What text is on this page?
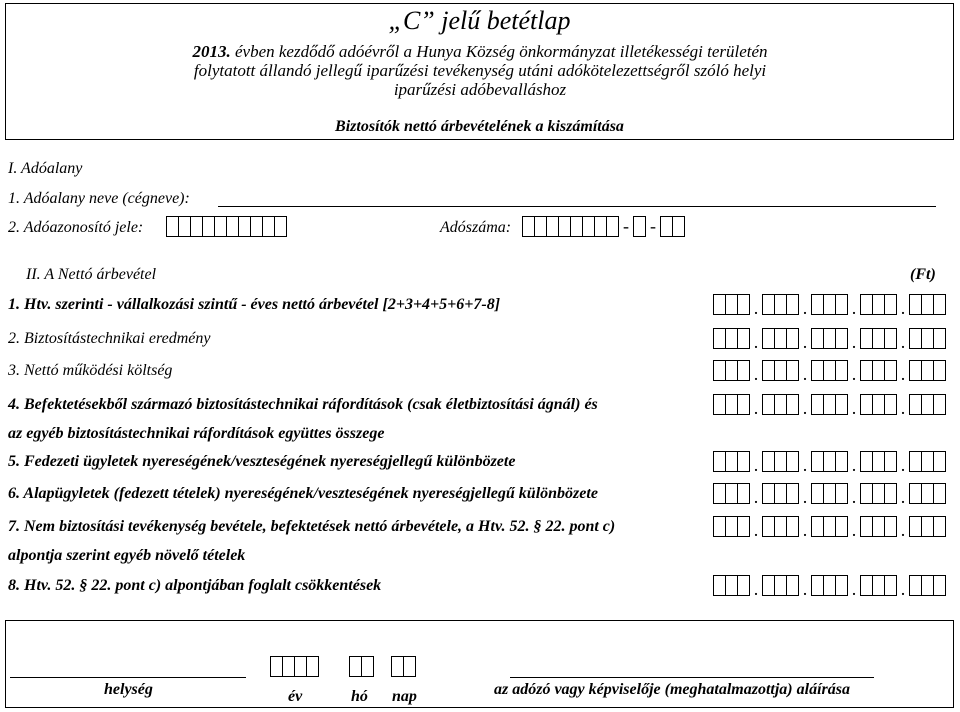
„C” jelű betétlap
2013. évben kezdődő adóévről a Hunya Község önkormányzat illetékességi területén
folytatott állandó jellegű iparűzési tevékenység utáni adókötelezettségről szóló helyi
iparűzési adóbevalláshoz
Biztosítók nettó árbevételének a kiszámítása
I. Adóalany
1. Adóalany neve (cégneve):
2. Adóazonosító jele:	Adószáma:	- -
II. A Nettó árbevétel	(Ft)
1. Htv. szerinti - vállalkozási szintű - éves nettó árbevétel [2+3+4+5+6+7-8]	. . . .
2. Biztosítástechnikai eredmény	. . . .
3. Nettó működési költség	. . . .
4. Befektetésekből származó biztosítástechnikai ráfordítások (csak életbiztosítási ágnál) és
az egyéb biztosítástechnikai ráfordítások együttes összege
. . . .
5. Fedezeti ügyletek nyereségének/veszteségének nyereségjellegű különbözete	. . . .
6. Alapügyletek (fedezett tételek) nyereségének/veszteségének nyereségjellegű különbözete	. . . .
7. Nem biztosítási tevékenység bevétele, befektetések nettó árbevétele, a Htv. 52. § 22. pont c)
alpontja szerint egyéb növelő tételek
. . . .
8. Htv. 52. § 22. pont c) alpontjában foglalt csökkentések	. . . .
helység	év	hó nap	az adózó vagy képviselője (meghatalmazottja) aláírása
